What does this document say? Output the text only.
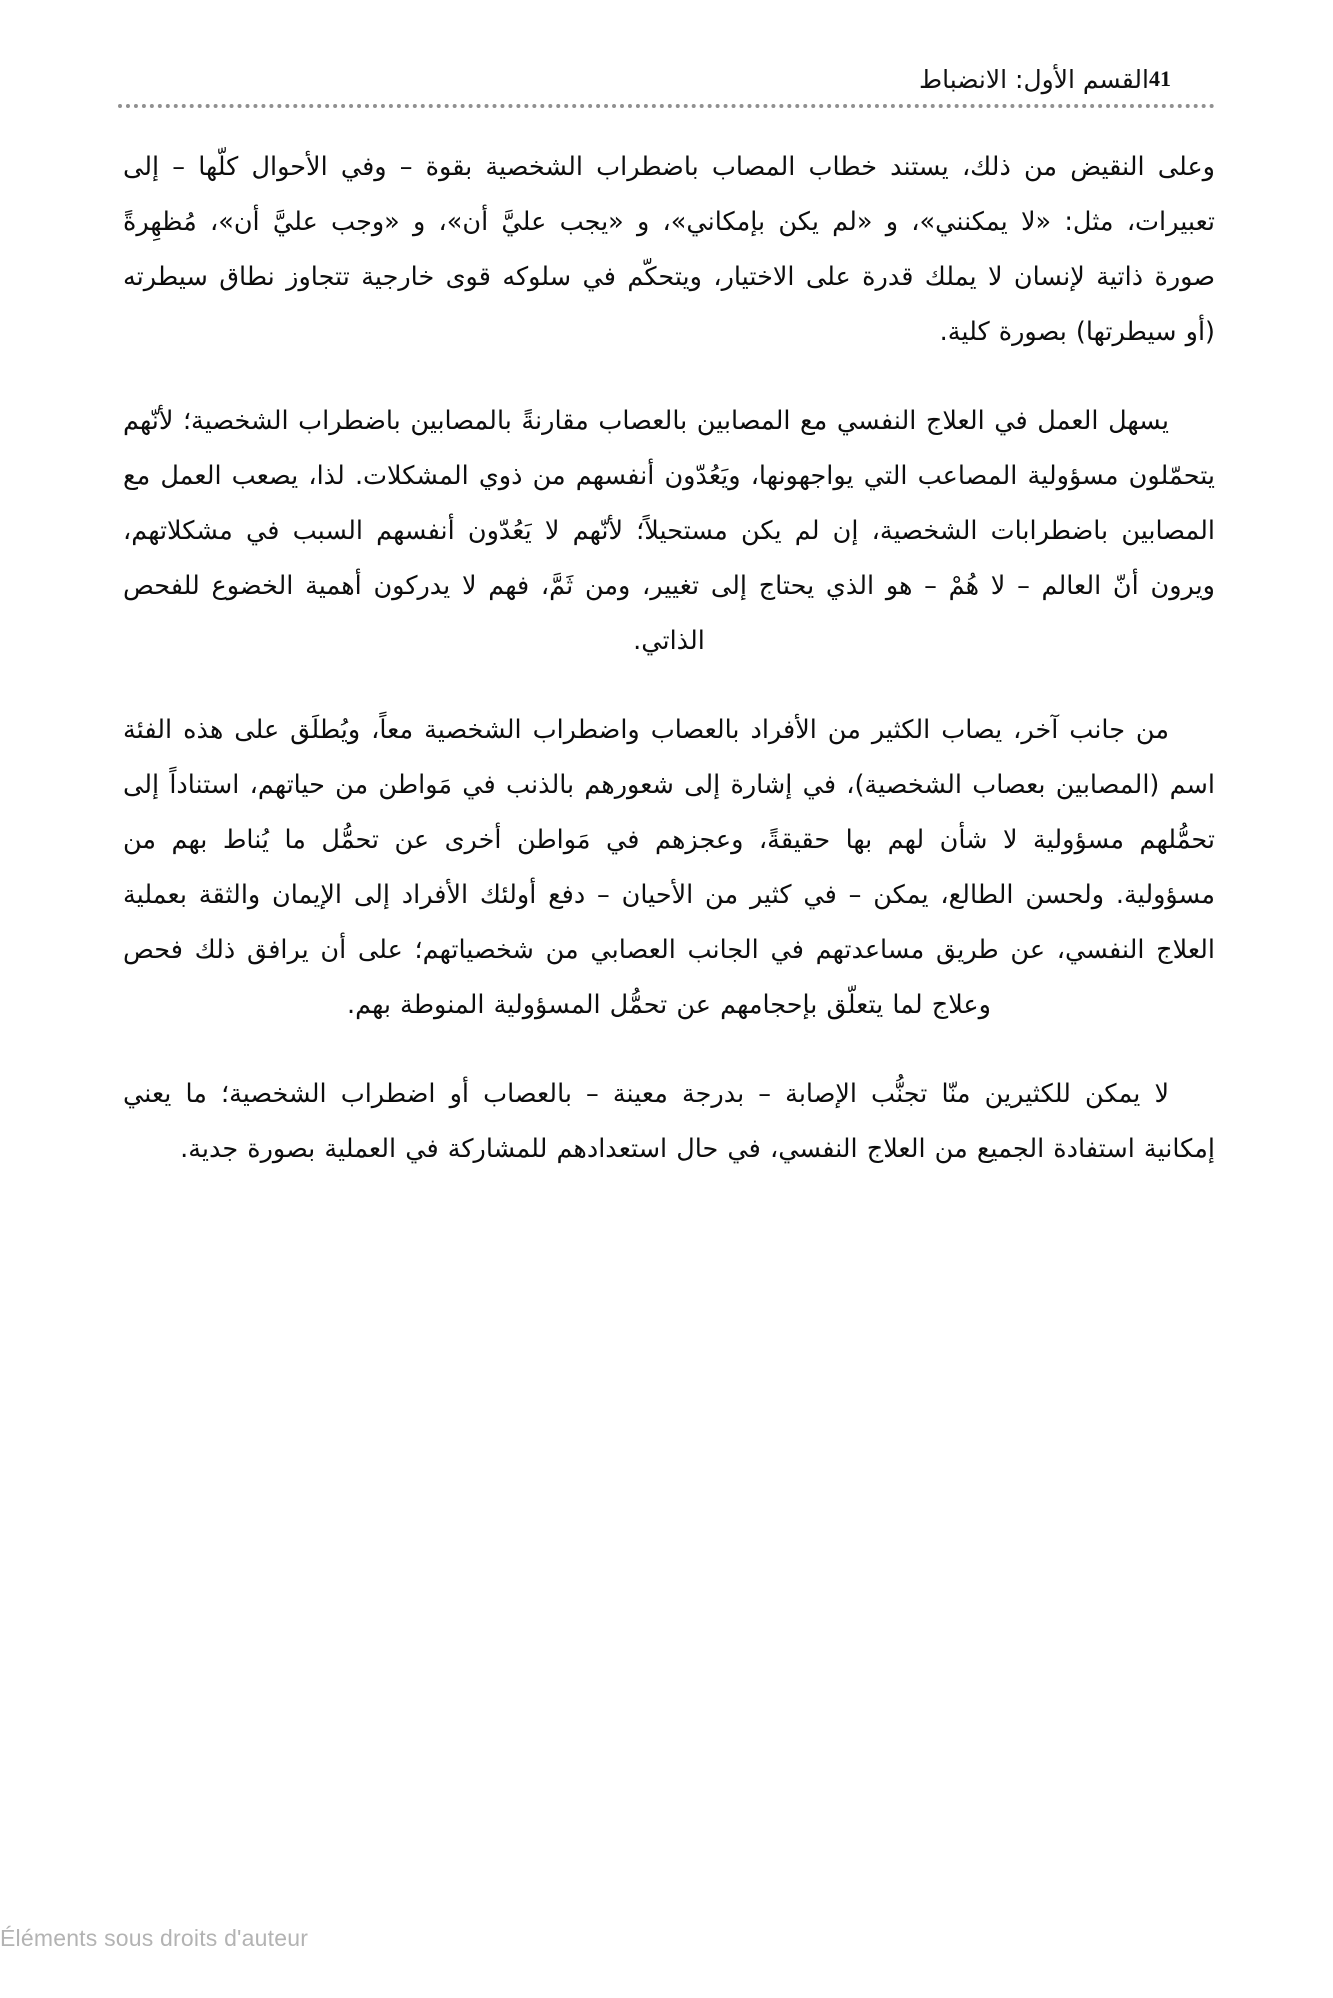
41
القسم الأول: الانضباط

وعلى النقيض من ذلك، يستند خطاب المصاب باضطراب الشخصية بقوة – وفي الأحوال كلّها – إلى تعبيرات، مثل: «لا يمكنني»، و «لم يكن بإمكاني»، و «يجب عليَّ أن»، و «وجب عليَّ أن»، مُظهِرةً صورة ذاتية لإنسان لا يملك قدرة على الاختيار، ويتحكّم في سلوكه قوى خارجية تتجاوز نطاق سيطرته (أو سيطرتها) بصورة كلية.

يسهل العمل في العلاج النفسي مع المصابين بالعصاب مقارنةً بالمصابين باضطراب الشخصية؛ لأنّهم يتحمّلون مسؤولية المصاعب التي يواجهونها، ويَعُدّون أنفسهم من ذوي المشكلات. لذا، يصعب العمل مع المصابين باضطرابات الشخصية، إن لم يكن مستحيلاً؛ لأنّهم لا يَعُدّون أنفسهم السبب في مشكلاتهم، ويرون أنّ العالم – لا هُمْ – هو الذي يحتاج إلى تغيير، ومن ثَمَّ، فهم لا يدركون أهمية الخضوع للفحص الذاتي.

من جانب آخر، يصاب الكثير من الأفراد بالعصاب واضطراب الشخصية معاً، ويُطلَق على هذه الفئة اسم (المصابين بعصاب الشخصية)، في إشارة إلى شعورهم بالذنب في مَواطن من حياتهم، استناداً إلى تحمُّلهم مسؤولية لا شأن لهم بها حقيقةً، وعجزهم في مَواطن أخرى عن تحمُّل ما يُناط بهم من مسؤولية. ولحسن الطالع، يمكن – في كثير من الأحيان – دفع أولئك الأفراد إلى الإيمان والثقة بعملية العلاج النفسي، عن طريق مساعدتهم في الجانب العصابي من شخصياتهم؛ على أن يرافق ذلك فحص وعلاج لما يتعلّق بإحجامهم عن تحمُّل المسؤولية المنوطة بهم.

لا يمكن للكثيرين منّا تجنُّب الإصابة – بدرجة معينة – بالعصاب أو اضطراب الشخصية؛ ما يعني إمكانية استفادة الجميع من العلاج النفسي، في حال استعدادهم للمشاركة في العملية بصورة جدية.

Éléments sous droits d'auteur
